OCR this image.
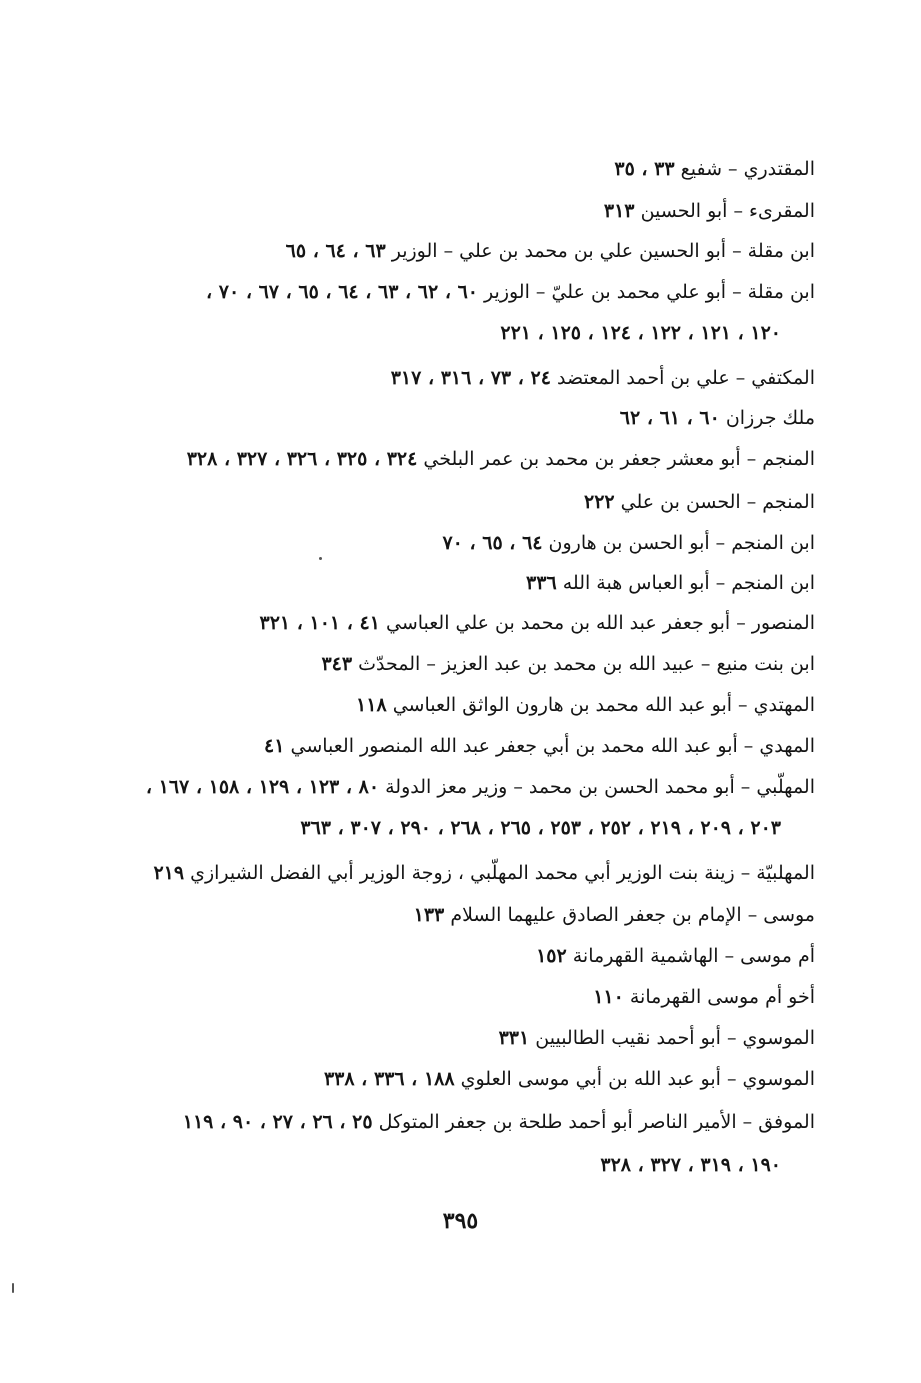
المقتدري – شفيع ٣٣ ، ٣٥
المقرىء – أبو الحسين ٣١٣
ابن مقلة – أبو الحسين علي بن محمد بن علي – الوزير ٦٣ ، ٦٤ ، ٦٥
ابن مقلة – أبو علي محمد بن عليّ – الوزير ٦٠ ، ٦٢ ، ٦٣ ، ٦٤ ، ٦٥ ، ٦٧ ، ٧٠ ،
١٢٠ ، ١٢١ ، ١٢٢ ، ١٢٤ ، ١٢٥ ، ٢٢١
المكتفي – علي بن أحمد المعتضد ٢٤ ، ٧٣ ، ٣١٦ ، ٣١٧
ملك جرزان ٦٠ ، ٦١ ، ٦٢
المنجم – أبو معشر جعفر بن محمد بن عمر البلخي ٣٢٤ ، ٣٢٥ ، ٣٢٦ ، ٣٢٧ ، ٣٢٨
المنجم – الحسن بن علي ٢٢٢
ابن المنجم – أبو الحسن بن هارون ٦٤ ، ٦٥ ، ٧٠
ابن المنجم – أبو العباس هبة الله ٣٣٦
المنصور – أبو جعفر عبد الله بن محمد بن علي العباسي ٤١ ، ١٠١ ، ٣٢١
ابن بنت منيع – عبيد الله بن محمد بن عبد العزيز – المحدّث ٣٤٣
المهتدي – أبو عبد الله محمد بن هارون الواثق العباسي ١١٨
المهدي – أبو عبد الله محمد بن أبي جعفر عبد الله المنصور العباسي ٤١
المهلّبي – أبو محمد الحسن بن محمد – وزير معز الدولة ٨٠ ، ١٢٣ ، ١٢٩ ، ١٥٨ ، ١٦٧ ،
٢٠٣ ، ٢٠٩ ، ٢١٩ ، ٢٥٢ ، ٢٥٣ ، ٢٦٥ ، ٢٦٨ ، ٢٩٠ ، ٣٠٧ ، ٣٦٣
المهلبيّة – زينة بنت الوزير أبي محمد المهلّبي ، زوجة الوزير أبي الفضل الشيرازي ٢١٩
موسى – الإمام بن جعفر الصادق عليهما السلام ١٣٣
أم موسى – الهاشمية القهرمانة ١٥٢
أخو أم موسى القهرمانة ١١٠
الموسوي – أبو أحمد نقيب الطالبيين ٣٣١
الموسوي – أبو عبد الله بن أبي موسى العلوي ١٨٨ ، ٣٣٦ ، ٣٣٨
الموفق – الأمير الناصر أبو أحمد طلحة بن جعفر المتوكل ٢٥ ، ٢٦ ، ٢٧ ، ٩٠ ، ١١٩
١٩٠ ، ٣١٩ ، ٣٢٧ ، ٣٢٨
٣٩٥
